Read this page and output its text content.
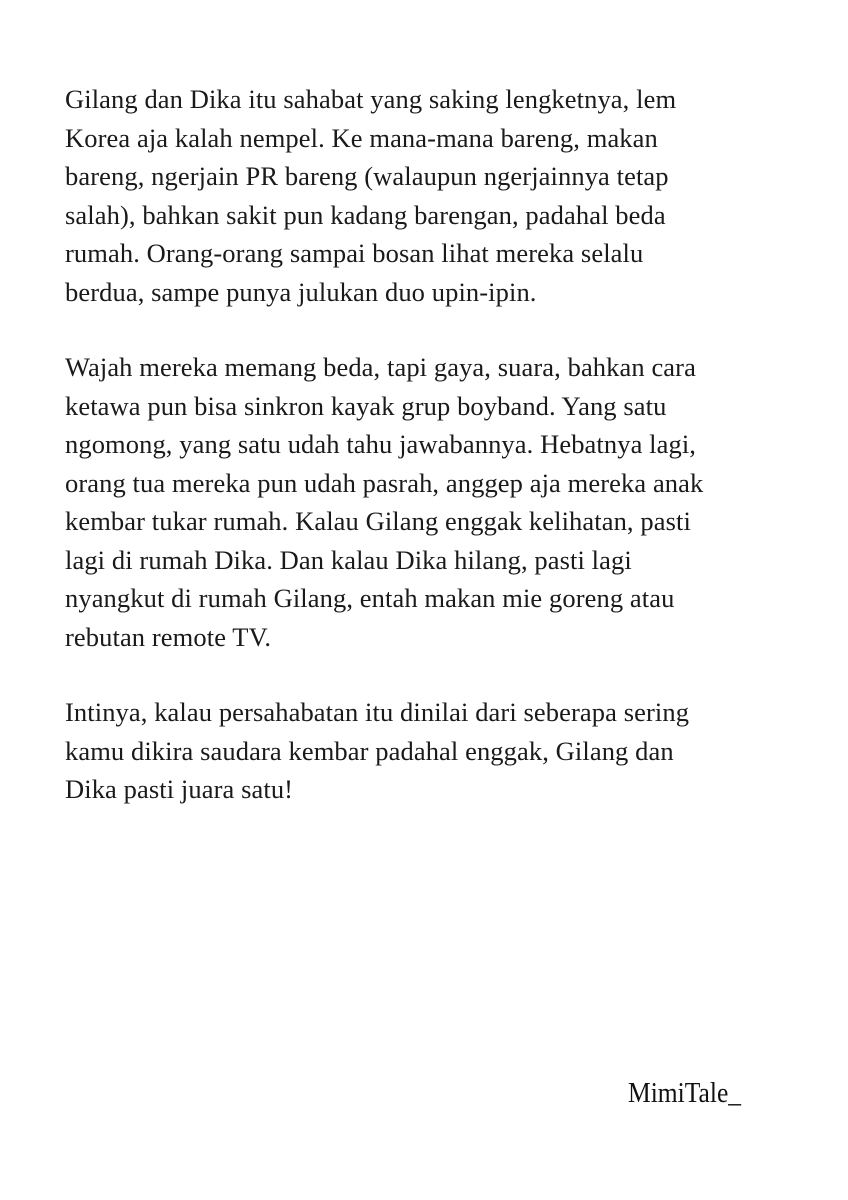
Gilang dan Dika itu sahabat yang saking lengketnya, lem
Korea aja kalah nempel. Ke mana-mana bareng, makan
bareng, ngerjain PR bareng (walaupun ngerjainnya tetap
salah), bahkan sakit pun kadang barengan, padahal beda
rumah. Orang-orang sampai bosan lihat mereka selalu
berdua, sampe punya julukan duo upin-ipin.

Wajah mereka memang beda, tapi gaya, suara, bahkan cara
ketawa pun bisa sinkron kayak grup boyband. Yang satu
ngomong, yang satu udah tahu jawabannya. Hebatnya lagi,
orang tua mereka pun udah pasrah, anggep aja mereka anak
kembar tukar rumah. Kalau Gilang enggak kelihatan, pasti
lagi di rumah Dika. Dan kalau Dika hilang, pasti lagi
nyangkut di rumah Gilang, entah makan mie goreng atau
rebutan remote TV.

Intinya, kalau persahabatan itu dinilai dari seberapa sering
kamu dikira saudara kembar padahal enggak, Gilang dan
Dika pasti juara satu!

MimiTale_
